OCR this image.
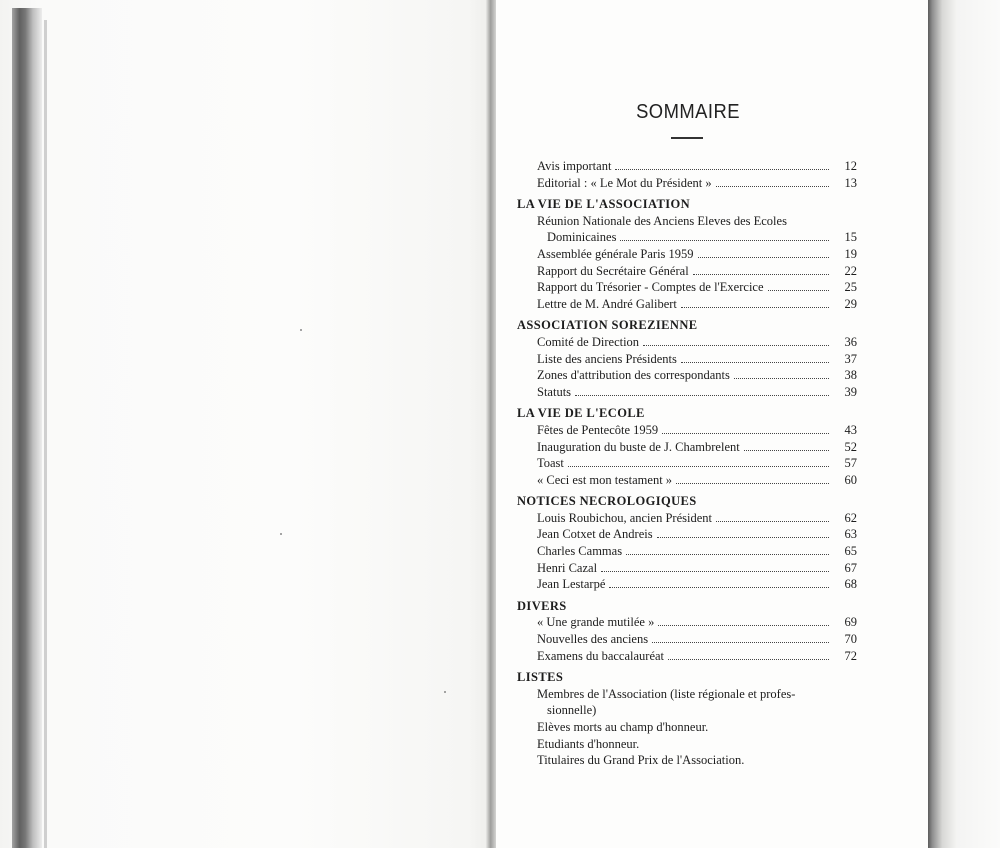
SOMMAIRE
Avis important	12
Editorial : « Le Mot du Président »	13
LA VIE DE L'ASSOCIATION
Réunion Nationale des Anciens Eleves des Ecoles
Dominicaines	15
Assemblée générale Paris 1959	19
Rapport du Secrétaire Général	22
Rapport du Trésorier - Comptes de l'Exercice	25
Lettre de M. André Galibert	29
ASSOCIATION SOREZIENNE
Comité de Direction	36
Liste des anciens Présidents	37
Zones d'attribution des correspondants	38
Statuts	39
LA VIE DE L'ECOLE
Fêtes de Pentecôte 1959	43
Inauguration du buste de J. Chambrelent	52
Toast	57
« Ceci est mon testament »	60
NOTICES NECROLOGIQUES
Louis Roubichou, ancien Président	62
Jean Cotxet de Andreis	63
Charles Cammas	65
Henri Cazal	67
Jean Lestarpé	68
DIVERS
« Une grande mutilée »	69
Nouvelles des anciens	70
Examens du baccalauréat	72
LISTES
Membres de l'Association (liste régionale et profes-
sionnelle)
Elèves morts au champ d'honneur.
Etudiants d'honneur.
Titulaires du Grand Prix de l'Association.
